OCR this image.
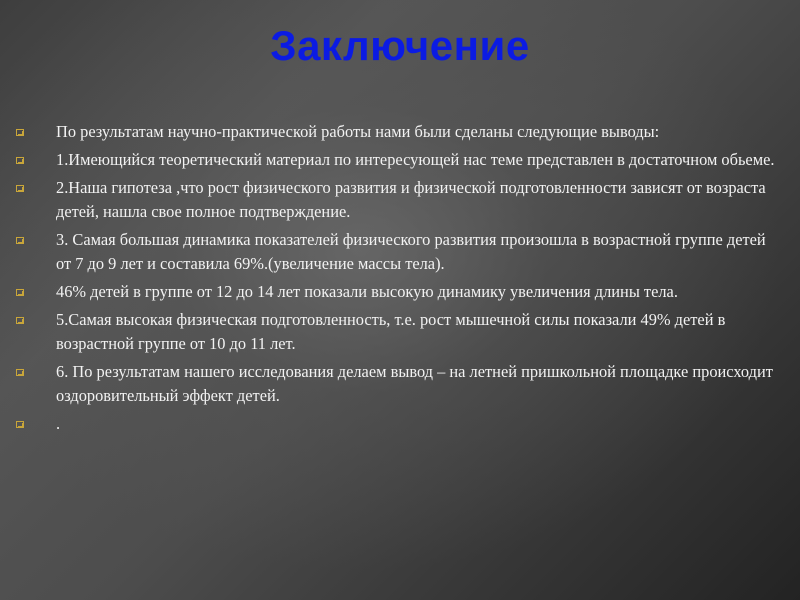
Заключение
По результатам научно-практической работы нами были сделаны следующие выводы:
1.Имеющийся теоретический материал по интересующей нас теме представлен в достаточном обьеме.
2.Наша гипотеза ,что рост физического развития и физической подготовленности зависят от возраста детей, нашла свое полное подтверждение.
3. Самая большая динамика показателей физического развития произошла в возрастной группе детей от 7 до 9 лет и составила 69%.(увеличение массы тела).
46% детей в группе от 12 до 14 лет показали высокую динамику увеличения длины тела.
5.Самая высокая физическая подготовленность, т.е. рост мышечной силы показали 49% детей в возрастной группе от 10 до 11 лет.
6. По результатам нашего исследования делаем вывод – на летней пришкольной площадке происходит оздоровительный эффект детей.
.
